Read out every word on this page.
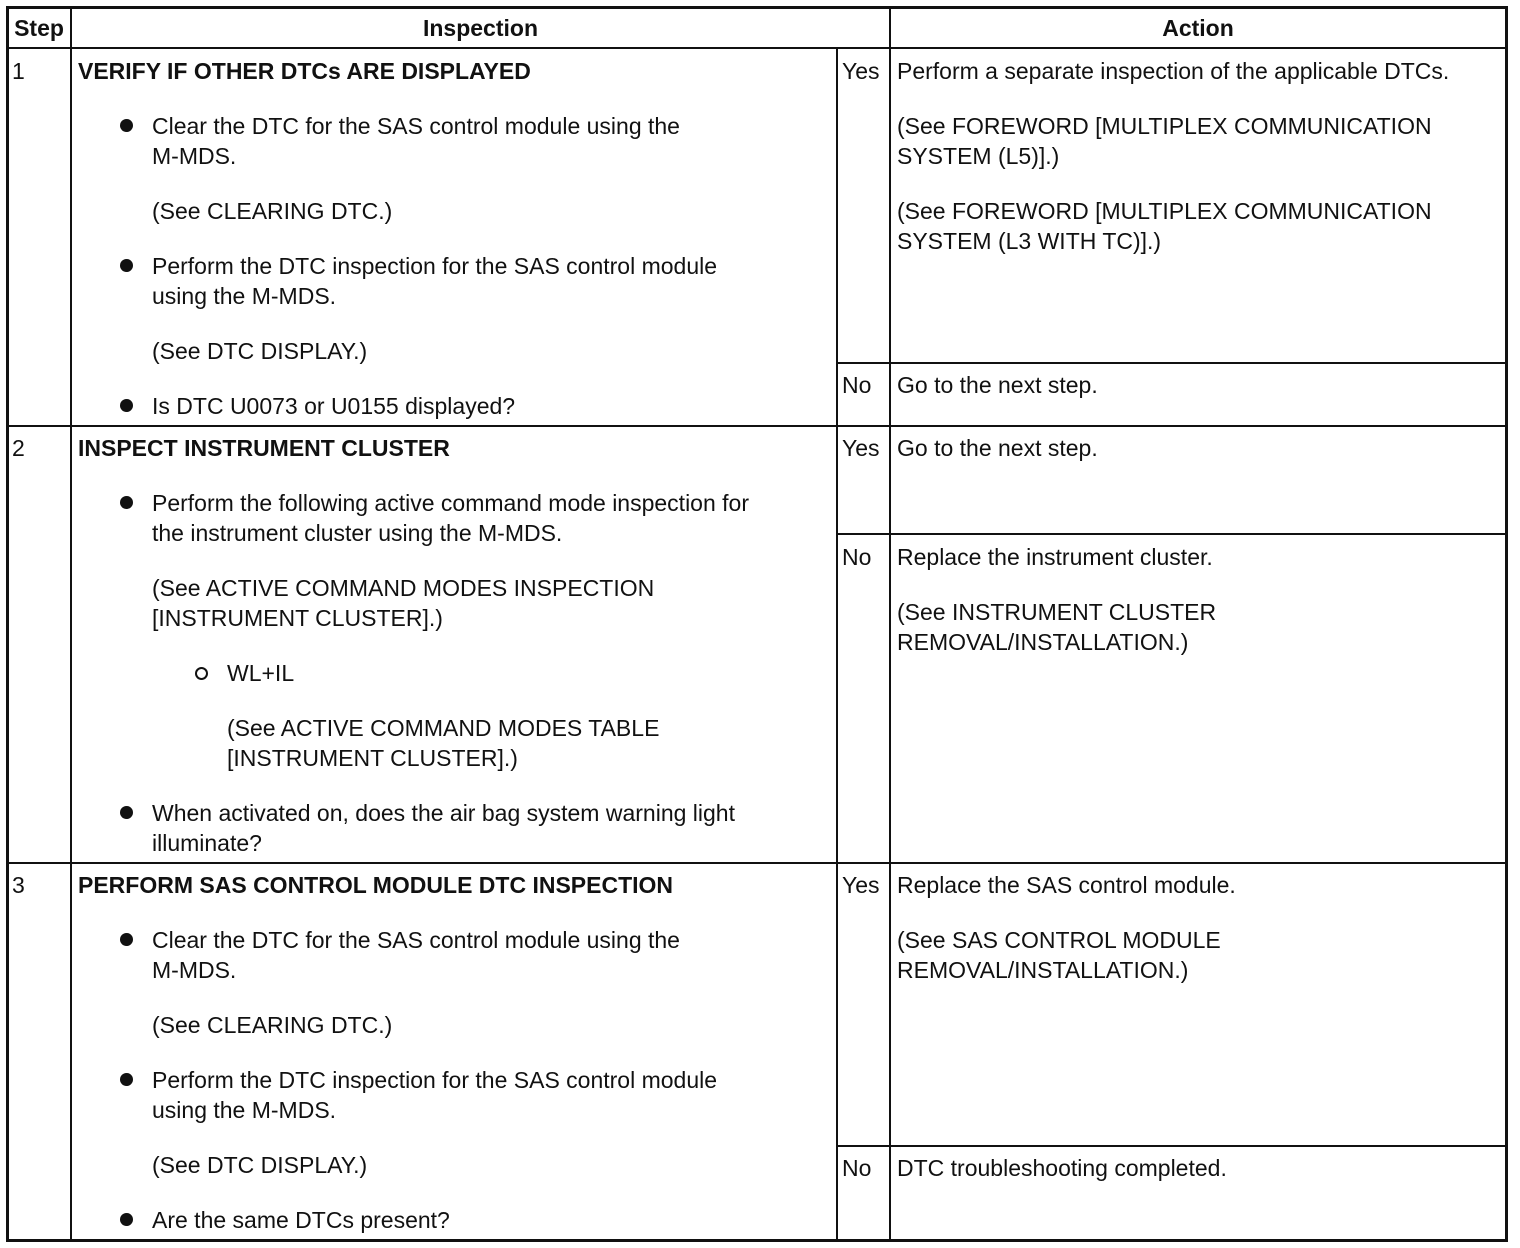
Step	Inspection	Action
1 VERIFY IF OTHER DTCs ARE DISPLAYED
Clear the DTC for the SAS control module using the
M-MDS.
(See CLEARING DTC.)
Perform the DTC inspection for the SAS control module
using the M-MDS.
(See DTC DISPLAY.)
Is DTC U0073 or U0155 displayed?
Yes Perform a separate inspection of the applicable DTCs.
(See FOREWORD [MULTIPLEX COMMUNICATION
SYSTEM (L5)].)
(See FOREWORD [MULTIPLEX COMMUNICATION
SYSTEM (L3 WITH TC)].)
No Go to the next step.
2 INSPECT INSTRUMENT CLUSTER
Perform the following active command mode inspection for
the instrument cluster using the M-MDS.
(See ACTIVE COMMAND MODES INSPECTION
[INSTRUMENT CLUSTER].)
WL+IL
(See ACTIVE COMMAND MODES TABLE
[INSTRUMENT CLUSTER].)
When activated on, does the air bag system warning light
illuminate?
Yes Go to the next step.
No Replace the instrument cluster.
(See INSTRUMENT CLUSTER
REMOVAL/INSTALLATION.)
3 PERFORM SAS CONTROL MODULE DTC INSPECTION
Clear the DTC for the SAS control module using the
M-MDS.
(See CLEARING DTC.)
Perform the DTC inspection for the SAS control module
using the M-MDS.
(See DTC DISPLAY.)
Are the same DTCs present?
Yes Replace the SAS control module.
(See SAS CONTROL MODULE
REMOVAL/INSTALLATION.)
No DTC troubleshooting completed.
